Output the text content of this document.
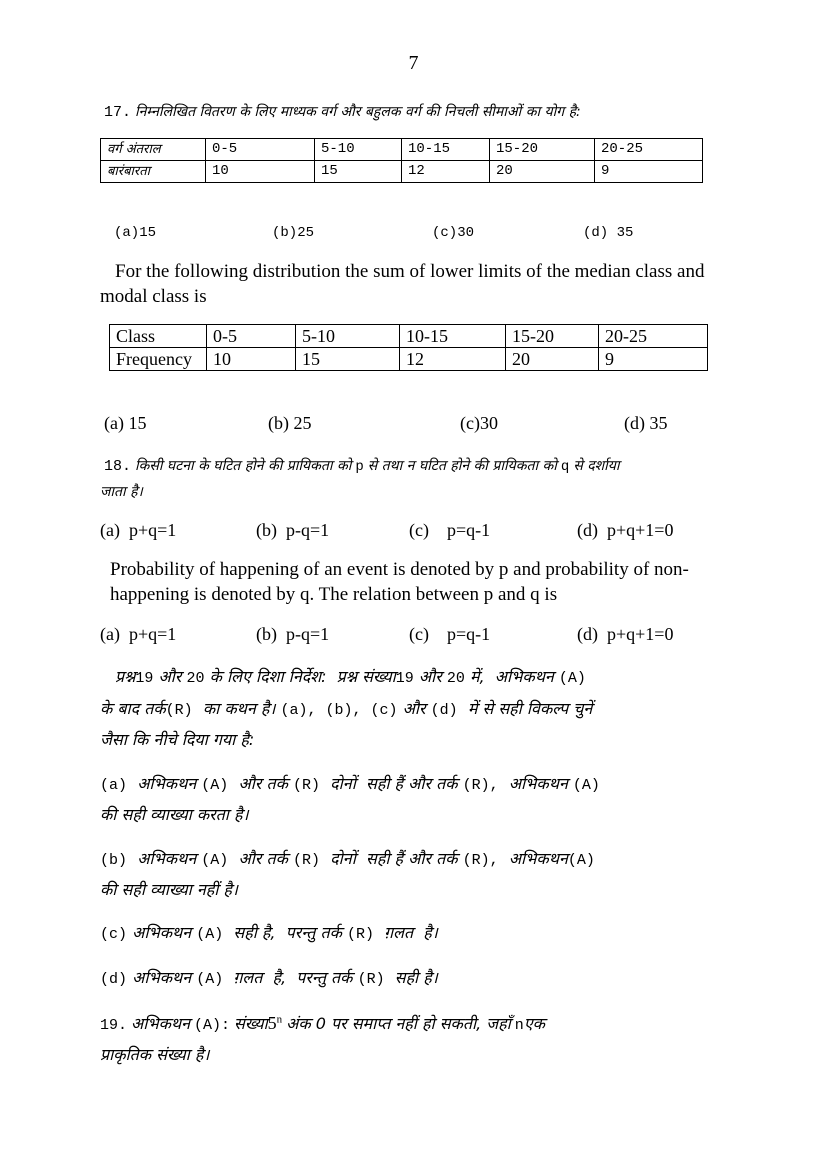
7
17. निम्नलिखित वितरण के लिए माध्यक वर्ग और बहुलक वर्ग की निचली सीमाओं का योग है:
वर्ग अंतराल	0-5	5-10	10-15	15-20	20-25
बारंबारता	10	15	12	20	9
(a)15	(b)25	(c)30	(d) 35
For the following distribution the sum of lower limits of the median class and
modal class is
Class	0-5	5-10	10-15	15-20	20-25
Frequency	10	15	12	20	9
(a) 15	(b) 25	(c)30	(d) 35
18. किसी घटना के घटित होने की प्रायिकता को p से तथा न घटित होने की प्रायिकता को q से दर्शाया
जाता है।
(a)  p+q=1	(b)  p-q=1	(c)    p=q-1	(d)  p+q+1=0
Probability of happening of an event is denoted by p and probability of non-
happening is denoted by q. The relation between p and q is
(a)  p+q=1	(b)  p-q=1	(c)    p=q-1	(d)  p+q+1=0
प्रश्न19 और 20 के लिए दिशा निर्देश:  प्रश्न संख्या19 और 20 में,  अभिकथन (A)
के बाद तर्क(R)  का कथन है। (a), (b), (c) और (d)  में से सही विकल्प चुनें
जैसा कि नीचे दिया गया है:
(a)  अभिकथन (A)  और तर्क (R)  दोनों  सही हैं और तर्क (R),  अभिकथन (A)
की सही व्याख्या करता है।
(b)  अभिकथन (A)  और तर्क (R)  दोनों  सही हैं और तर्क (R),  अभिकथन(A)
की सही व्याख्या नहीं है।
(c) अभिकथन (A)  सही है,  परन्तु तर्क (R)  ग़लत  है।
(d) अभिकथन (A)  ग़लत  है,  परन्तु तर्क (R)  सही है।
19. अभिकथन (A): संख्या5$^n$ अंक 0 पर समाप्त नहीं हो सकती, जहाँ nएक
प्राकृतिक संख्या है।
